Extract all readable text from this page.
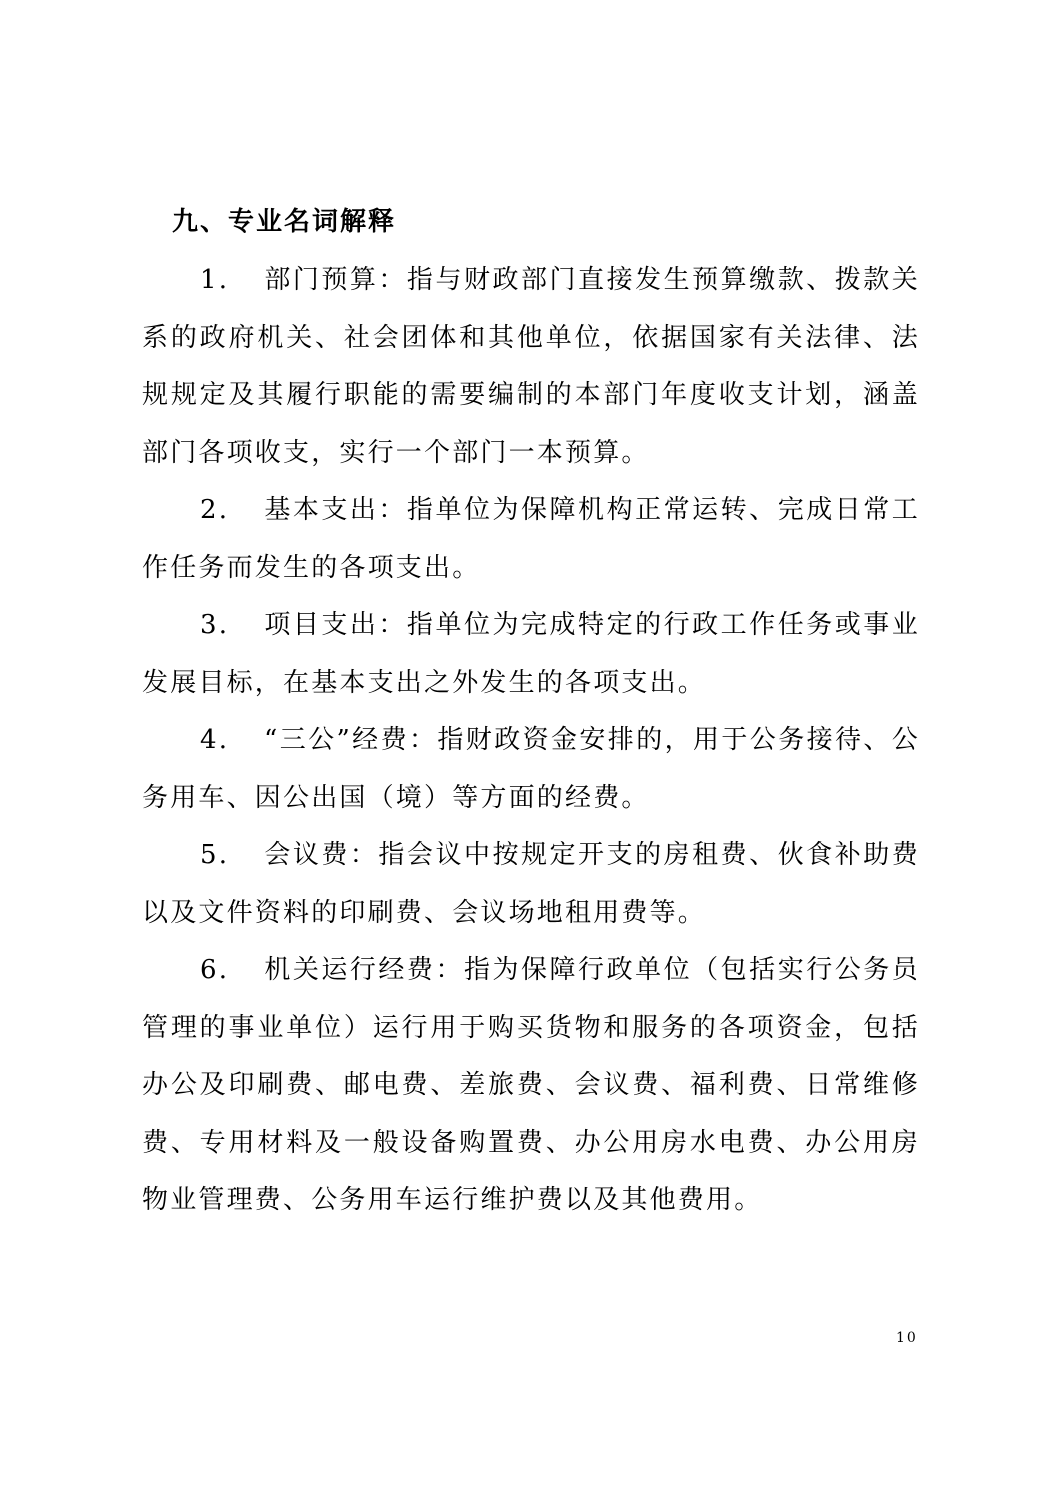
九、专业名词解释

1. 部门预算：指与财政部门直接发生预算缴款、拨款关系的政府机关、社会团体和其他单位，依据国家有关法律、法规规定及其履行职能的需要编制的本部门年度收支计划，涵盖部门各项收支，实行一个部门一本预算。

2. 基本支出：指单位为保障机构正常运转、完成日常工作任务而发生的各项支出。

3. 项目支出：指单位为完成特定的行政工作任务或事业发展目标，在基本支出之外发生的各项支出。

4. “三公”经费：指财政资金安排的，用于公务接待、公务用车、因公出国（境）等方面的经费。

5. 会议费：指会议中按规定开支的房租费、伙食补助费以及文件资料的印刷费、会议场地租用费等。

6. 机关运行经费：指为保障行政单位（包括实行公务员管理的事业单位）运行用于购买货物和服务的各项资金，包括办公及印刷费、邮电费、差旅费、会议费、福利费、日常维修费、专用材料及一般设备购置费、办公用房水电费、办公用房物业管理费、公务用车运行维护费以及其他费用。

10
